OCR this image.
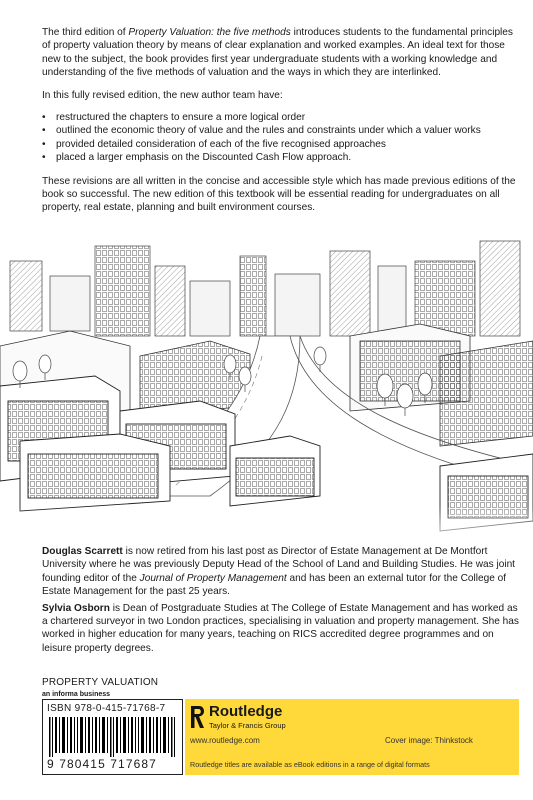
The third edition of Property Valuation: the five methods introduces students to the fundamental principles of property valuation theory by means of clear explanation and worked examples. An ideal text for those new to the subject, the book provides first year undergraduate students with a working knowledge and understanding of the five methods of valuation and the ways in which they are interlinked.

In this fully revised edition, the new author team have:

• restructured the chapters to ensure a more logical order
• outlined the economic theory of value and the rules and constraints under which a valuer works
• provided detailed consideration of each of the five recognised approaches
• placed a larger emphasis on the Discounted Cash Flow approach.

These revisions are all written in the concise and accessible style which has made previous editions of the book so successful. The new edition of this textbook will be essential reading for undergraduates on all property, real estate, planning and built environment courses.

Douglas Scarrett is now retired from his last post as Director of Estate Management at De Montfort University where he was previously Deputy Head of the School of Land and Building Studies. He was joint founding editor of the Journal of Property Management and has been an external tutor for the College of Estate Management for the past 25 years.

Sylvia Osborn is Dean of Postgraduate Studies at The College of Estate Management and has worked as a chartered surveyor in two London practices, specialising in valuation and property management. She has worked in higher education for many years, teaching on RICS accredited degree programmes and on leisure property degrees.

PROPERTY VALUATION
an informa business
ISBN 978-0-415-71768-7
9 780415 717687
Routledge
Taylor & Francis Group
www.routledge.com	Cover image: Thinkstock
Routledge titles are available as eBook editions in a range of digital formats
